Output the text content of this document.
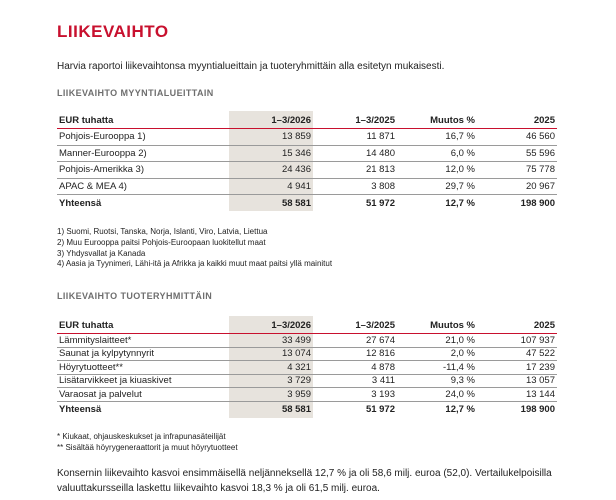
LIIKEVAIHTO
Harvia raportoi liikevaihtonsa myyntialueittain ja tuoteryhmittäin alla esitetyn mukaisesti.
LIIKEVAIHTO MYYNTIALUEITTAIN
EUR tuhatta	1–3/2026	1–3/2025	Muutos %	2025
Pohjois-Eurooppa 1)	13 859	11 871	16,7 %	46 560
Manner-Eurooppa 2)	15 346	14 480	6,0 %	55 596
Pohjois-Amerikka 3)	24 436	21 813	12,0 %	75 778
APAC & MEA 4)	4 941	3 808	29,7 %	20 967
Yhteensä	58 581	51 972	12,7 %	198 900
1) Suomi, Ruotsi, Tanska, Norja, Islanti, Viro, Latvia, Liettua
2) Muu Eurooppa paitsi Pohjois-Euroopaan luokitellut maat
3) Yhdysvallat ja Kanada
4) Aasia ja Tyynimeri, Lähi-itä ja Afrikka ja kaikki muut maat paitsi yllä mainitut
LIIKEVAIHTO TUOTERYHMITTÄIN
EUR tuhatta	1–3/2026	1–3/2025	Muutos %	2025
Lämmityslaitteet*	33 499	27 674	21,0 %	107 937
Saunat ja kylpytynnyrit	13 074	12 816	2,0 %	47 522
Höyrytuotteet**	4 321	4 878	-11,4 %	17 239
Lisätarvikkeet ja kiuaskivet	3 729	3 411	9,3 %	13 057
Varaosat ja palvelut	3 959	3 193	24,0 %	13 144
Yhteensä	58 581	51 972	12,7 %	198 900
* Kiukaat, ohjauskeskukset ja infrapunasäteilijät
** Sisältää höyrygeneraattorit ja muut höyrytuotteet
Konsernin liikevaihto kasvoi ensimmäisellä neljänneksellä 12,7 % ja oli 58,6 milj. euroa (52,0). Vertailukelpoisilla valuuttakursseilla laskettu liikevaihto kasvoi 18,3 % ja oli 61,5 milj. euroa.
